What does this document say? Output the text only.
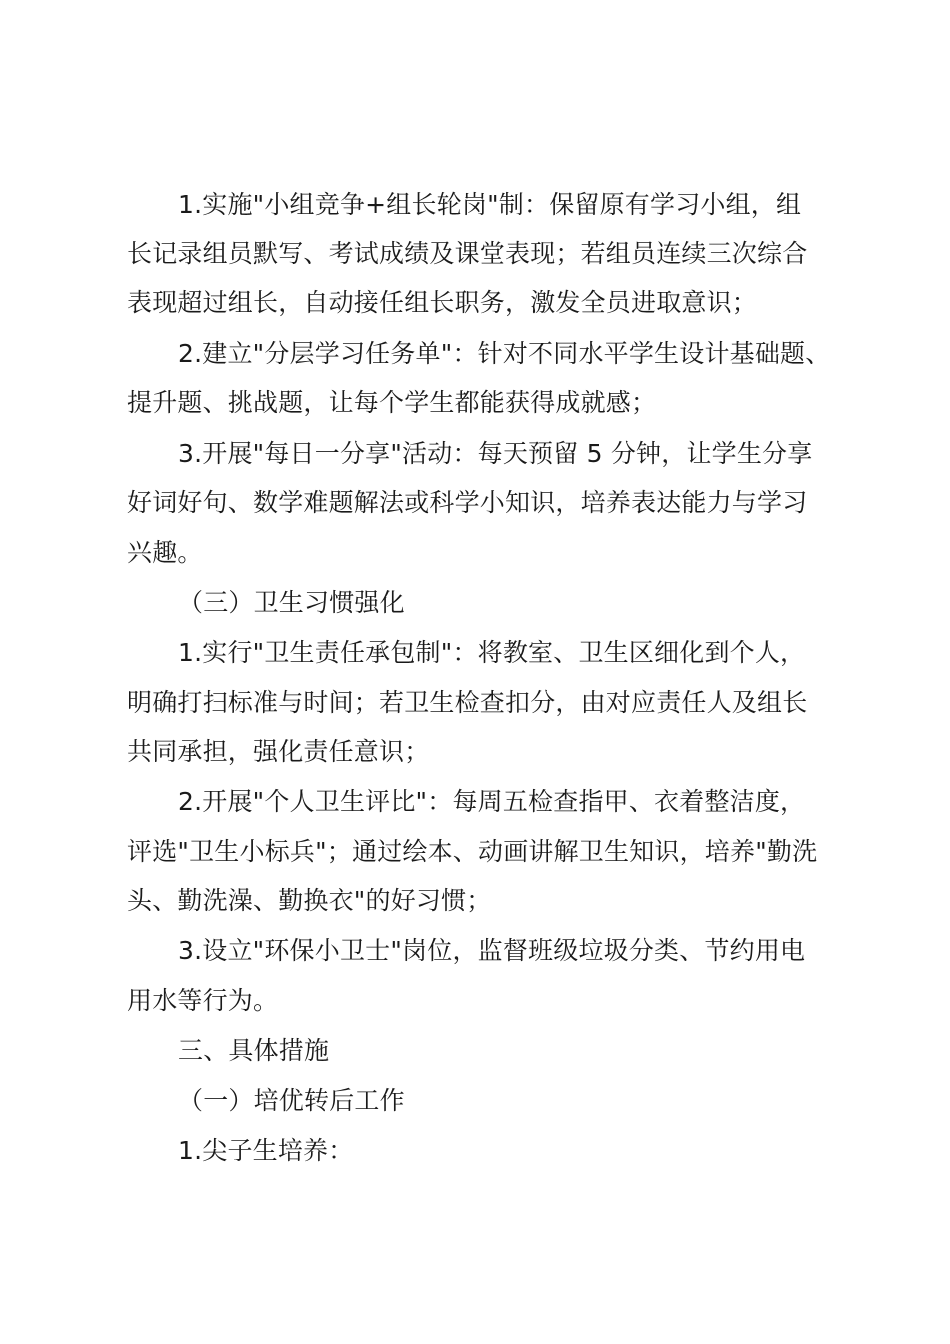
1.实施"小组竞争+组长轮岗"制：保留原有学习小组，组
长记录组员默写、考试成绩及课堂表现；若组员连续三次综合
表现超过组长，自动接任组长职务，激发全员进取意识；
2.建立"分层学习任务单"：针对不同水平学生设计基础题、
提升题、挑战题，让每个学生都能获得成就感；
3.开展"每日一分享"活动：每天预留 5 分钟，让学生分享
好词好句、数学难题解法或科学小知识，培养表达能力与学习
兴趣。
（三）卫生习惯强化
1.实行"卫生责任承包制"：将教室、卫生区细化到个人，
明确打扫标准与时间；若卫生检查扣分，由对应责任人及组长
共同承担，强化责任意识；
2.开展"个人卫生评比"：每周五检查指甲、衣着整洁度，
评选"卫生小标兵"；通过绘本、动画讲解卫生知识，培养"勤洗
头、勤洗澡、勤换衣"的好习惯；
3.设立"环保小卫士"岗位，监督班级垃圾分类、节约用电
用水等行为。
三、具体措施
（一）培优转后工作
1.尖子生培养：
